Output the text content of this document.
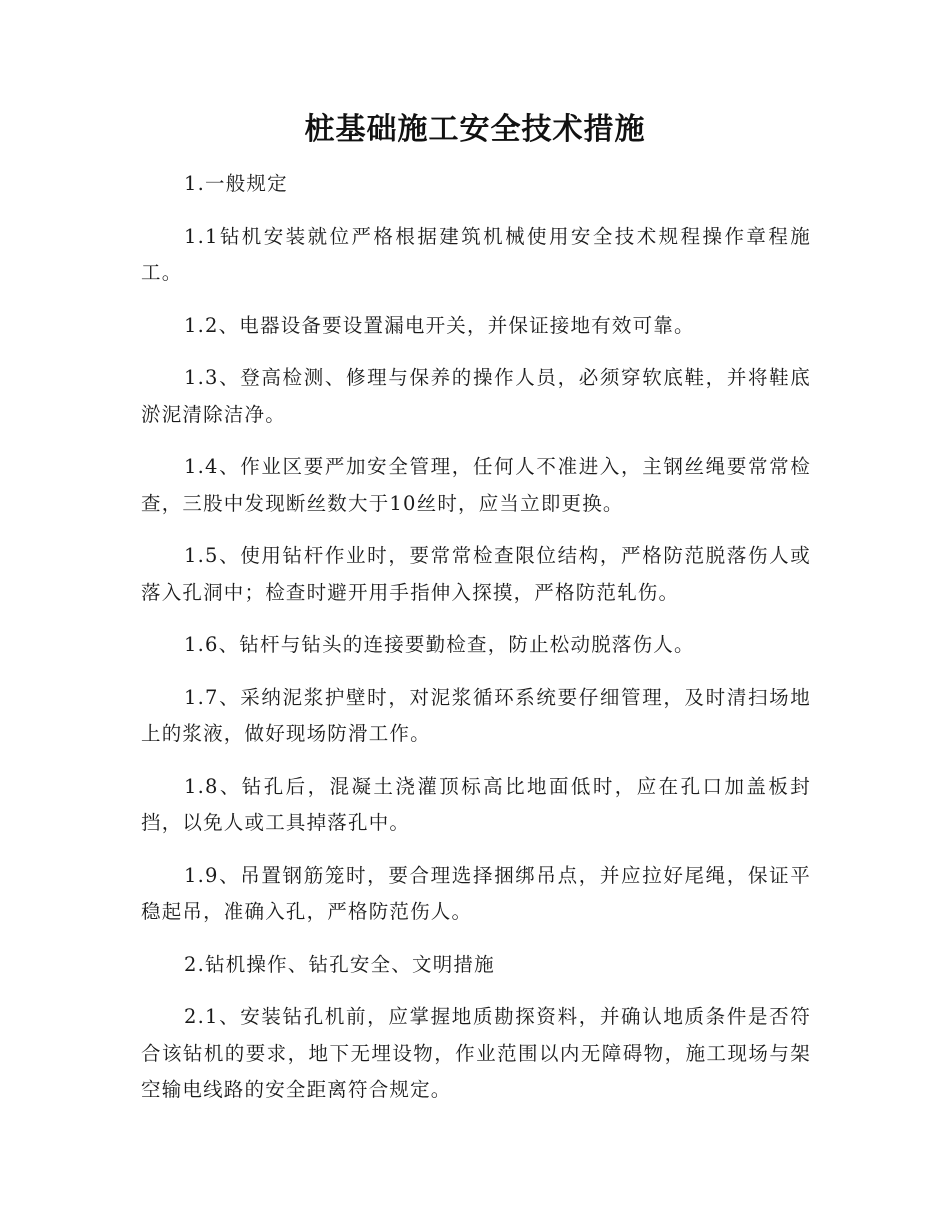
桩基础施工安全技术措施

1.一般规定

1.1钻机安装就位严格根据建筑机械使用安全技术规程操作章程施工。

1.2、电器设备要设置漏电开关，并保证接地有效可靠。

1.3、登高检测、修理与保养的操作人员，必须穿软底鞋，并将鞋底淤泥清除洁净。

1.4、作业区要严加安全管理，任何人不准进入，主钢丝绳要常常检查，三股中发现断丝数大于10丝时，应当立即更换。

1.5、使用钻杆作业时，要常常检查限位结构，严格防范脱落伤人或落入孔洞中；检查时避开用手指伸入探摸，严格防范轧伤。

1.6、钻杆与钻头的连接要勤检查，防止松动脱落伤人。

1.7、采纳泥浆护壁时，对泥浆循环系统要仔细管理，及时清扫场地上的浆液，做好现场防滑工作。

1.8、钻孔后，混凝土浇灌顶标高比地面低时，应在孔口加盖板封挡，以免人或工具掉落孔中。

1.9、吊置钢筋笼时，要合理选择捆绑吊点，并应拉好尾绳，保证平稳起吊，准确入孔，严格防范伤人。

2.钻机操作、钻孔安全、文明措施

2.1、安装钻孔机前，应掌握地质勘探资料，并确认地质条件是否符合该钻机的要求，地下无埋设物，作业范围以内无障碍物，施工现场与架空输电线路的安全距离符合规定。
